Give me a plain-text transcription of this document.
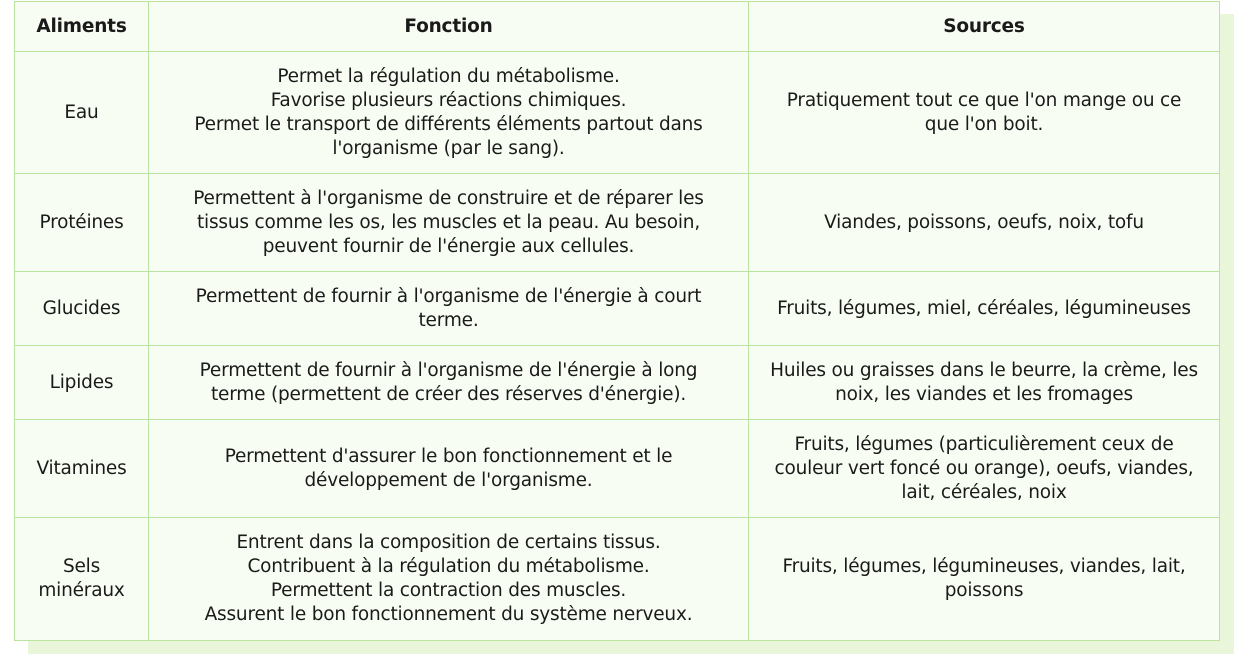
Aliments	Fonction	Sources

Eau	Permet la régulation du métabolisme.
Favorise plusieurs réactions chimiques.
Permet le transport de différents éléments partout dans
l'organisme (par le sang).	Pratiquement tout ce que l'on mange ou ce
que l'on boit.

Protéines	Permettent à l'organisme de construire et de réparer les
tissus comme les os, les muscles et la peau. Au besoin,
peuvent fournir de l'énergie aux cellules.	Viandes, poissons, oeufs, noix, tofu

Glucides	Permettent de fournir à l'organisme de l'énergie à court
terme.	Fruits, légumes, miel, céréales, légumineuses

Lipides	Permettent de fournir à l'organisme de l'énergie à long
terme (permettent de créer des réserves d'énergie).	Huiles ou graisses dans le beurre, la crème, les
noix, les viandes et les fromages

Vitamines	Permettent d'assurer le bon fonctionnement et le
développement de l'organisme.	Fruits, légumes (particulièrement ceux de
couleur vert foncé ou orange), oeufs, viandes,
lait, céréales, noix

Sels
minéraux	Entrent dans la composition de certains tissus.
Contribuent à la régulation du métabolisme.
Permettent la contraction des muscles.
Assurent le bon fonctionnement du système nerveux.	Fruits, légumes, légumineuses, viandes, lait,
poissons
